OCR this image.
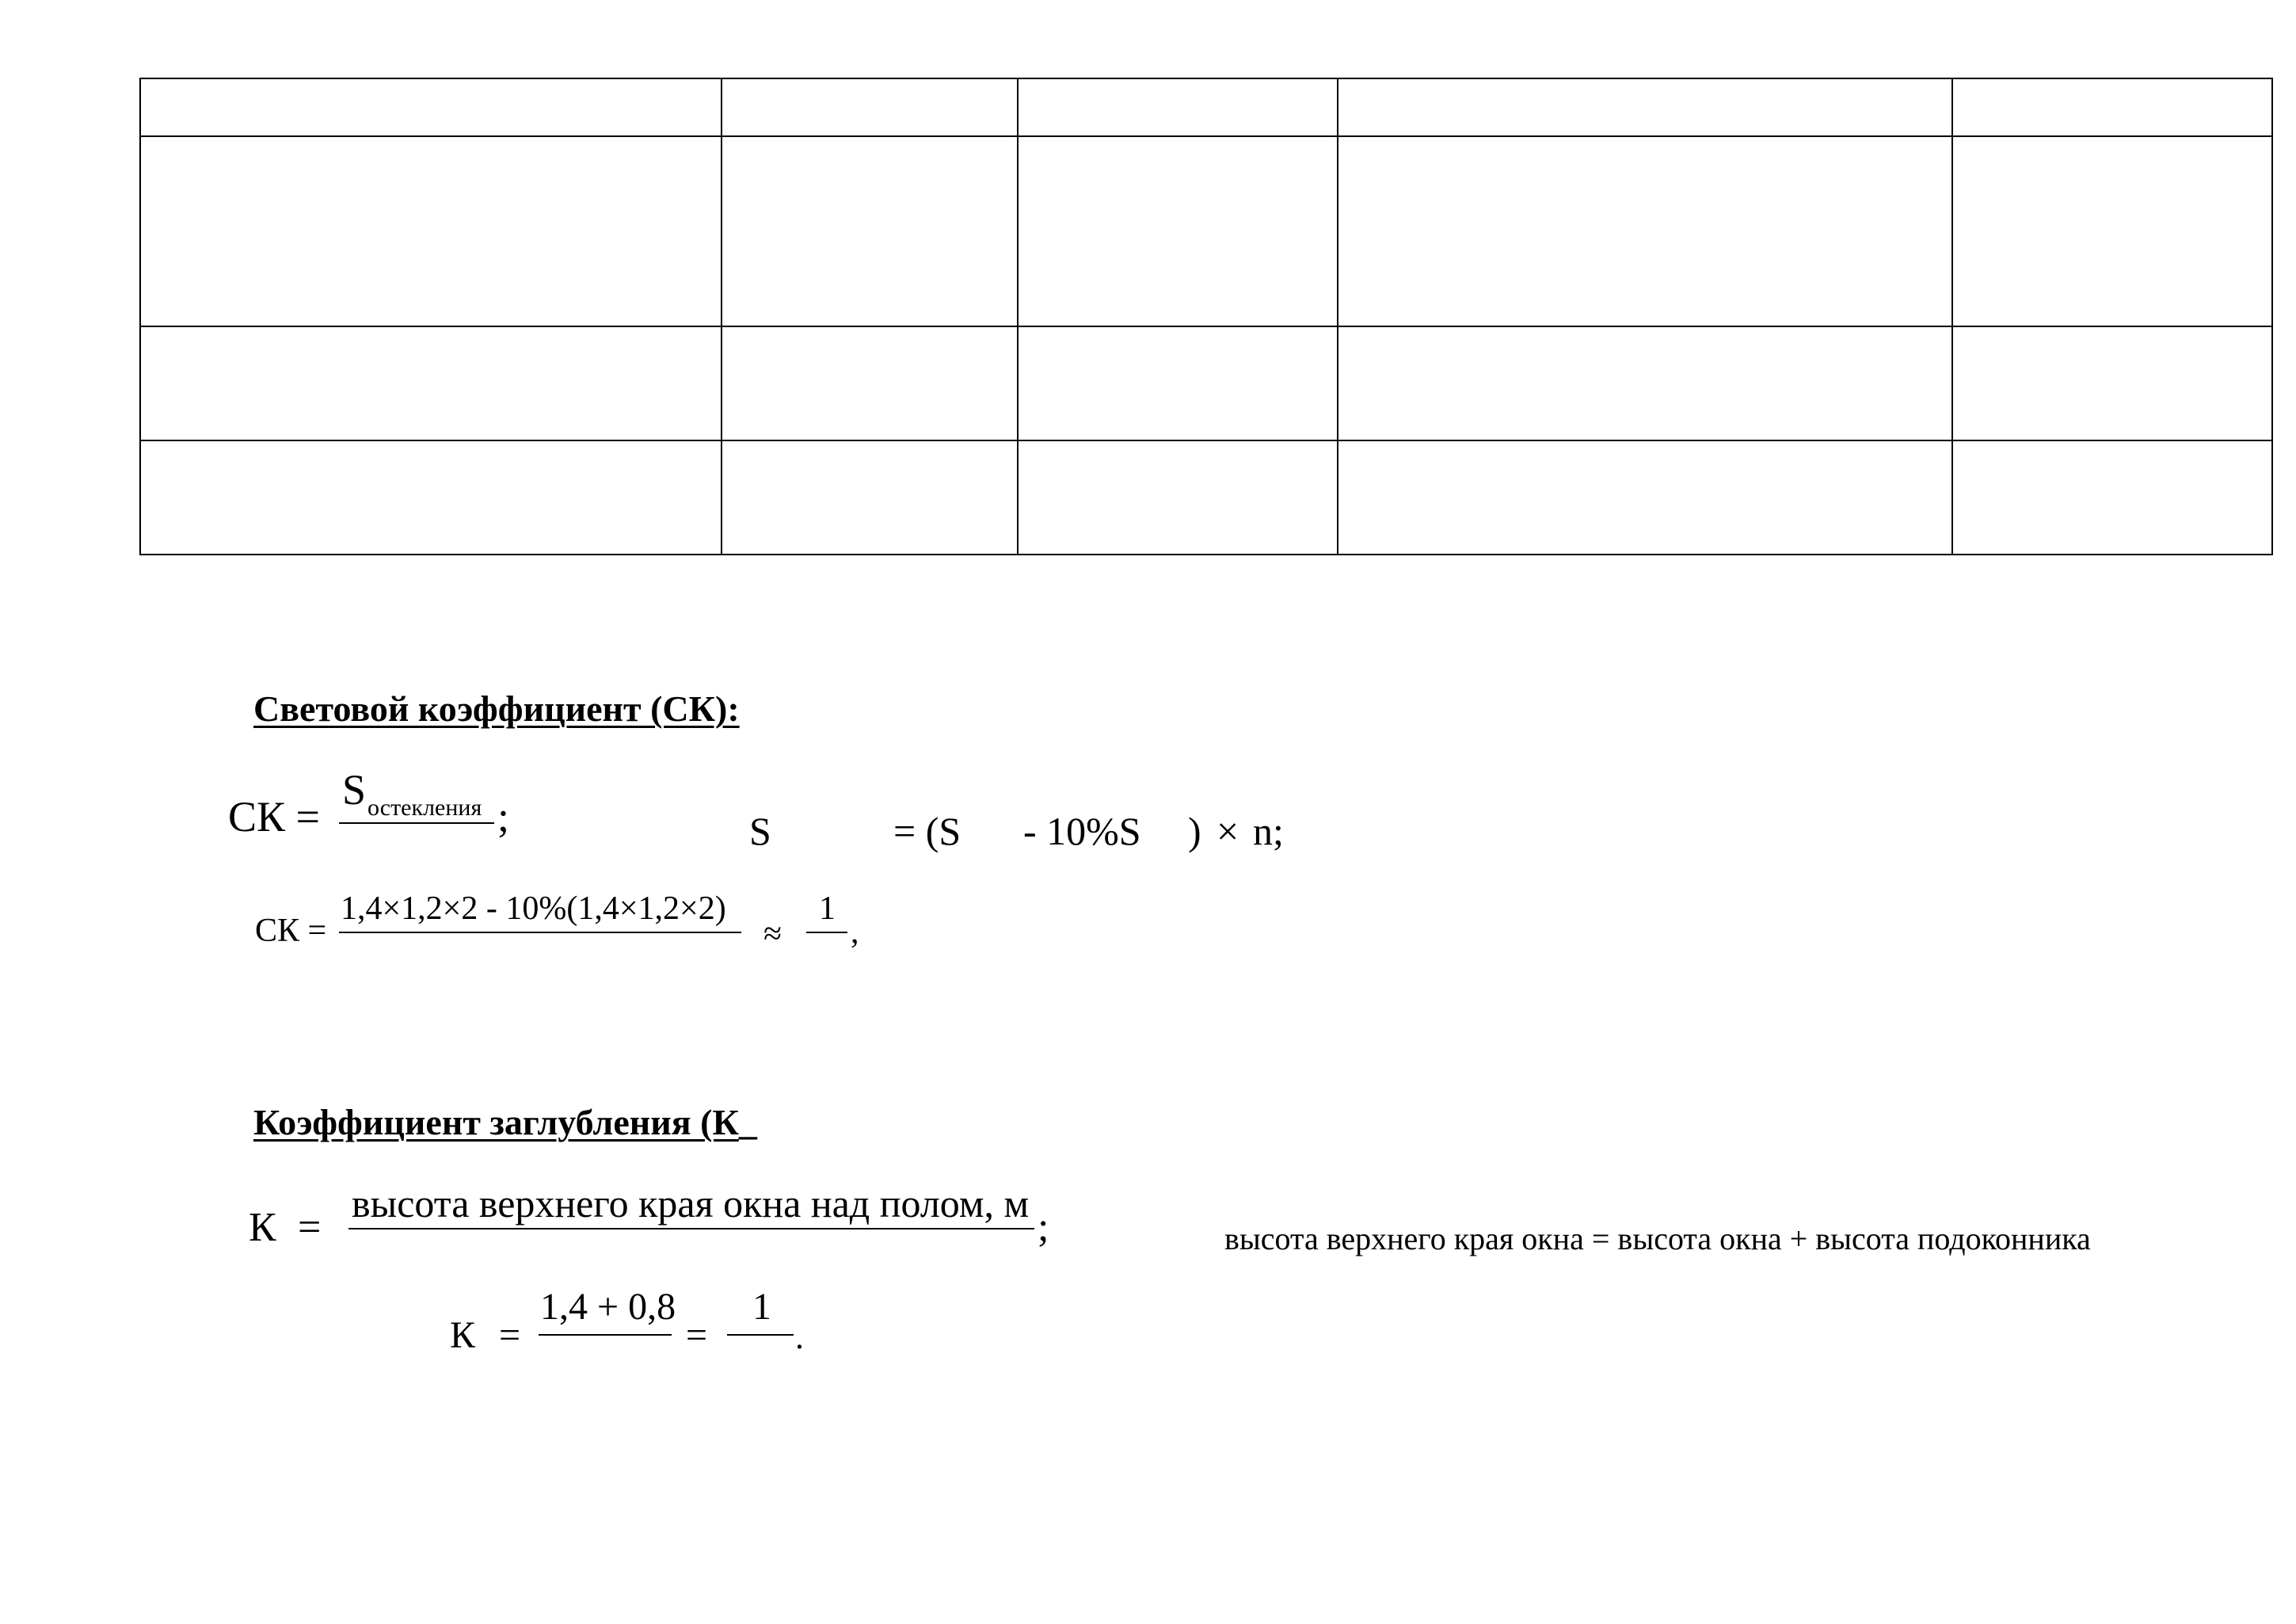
Световой коэффициент (СК):
СК =
S остекления ;	S	= (S - 10%S ) × n;
СК =
1,4×1,2×2 - 10%(1,4×1,2×2)
≈
1
,
Коэффициент заглубления (К_
К =
высота верхнего края окна над полом, м
;	высота верхнего края окна = высота окна + высота подоконника
К =
1,4 + 0,8
=
1
.
